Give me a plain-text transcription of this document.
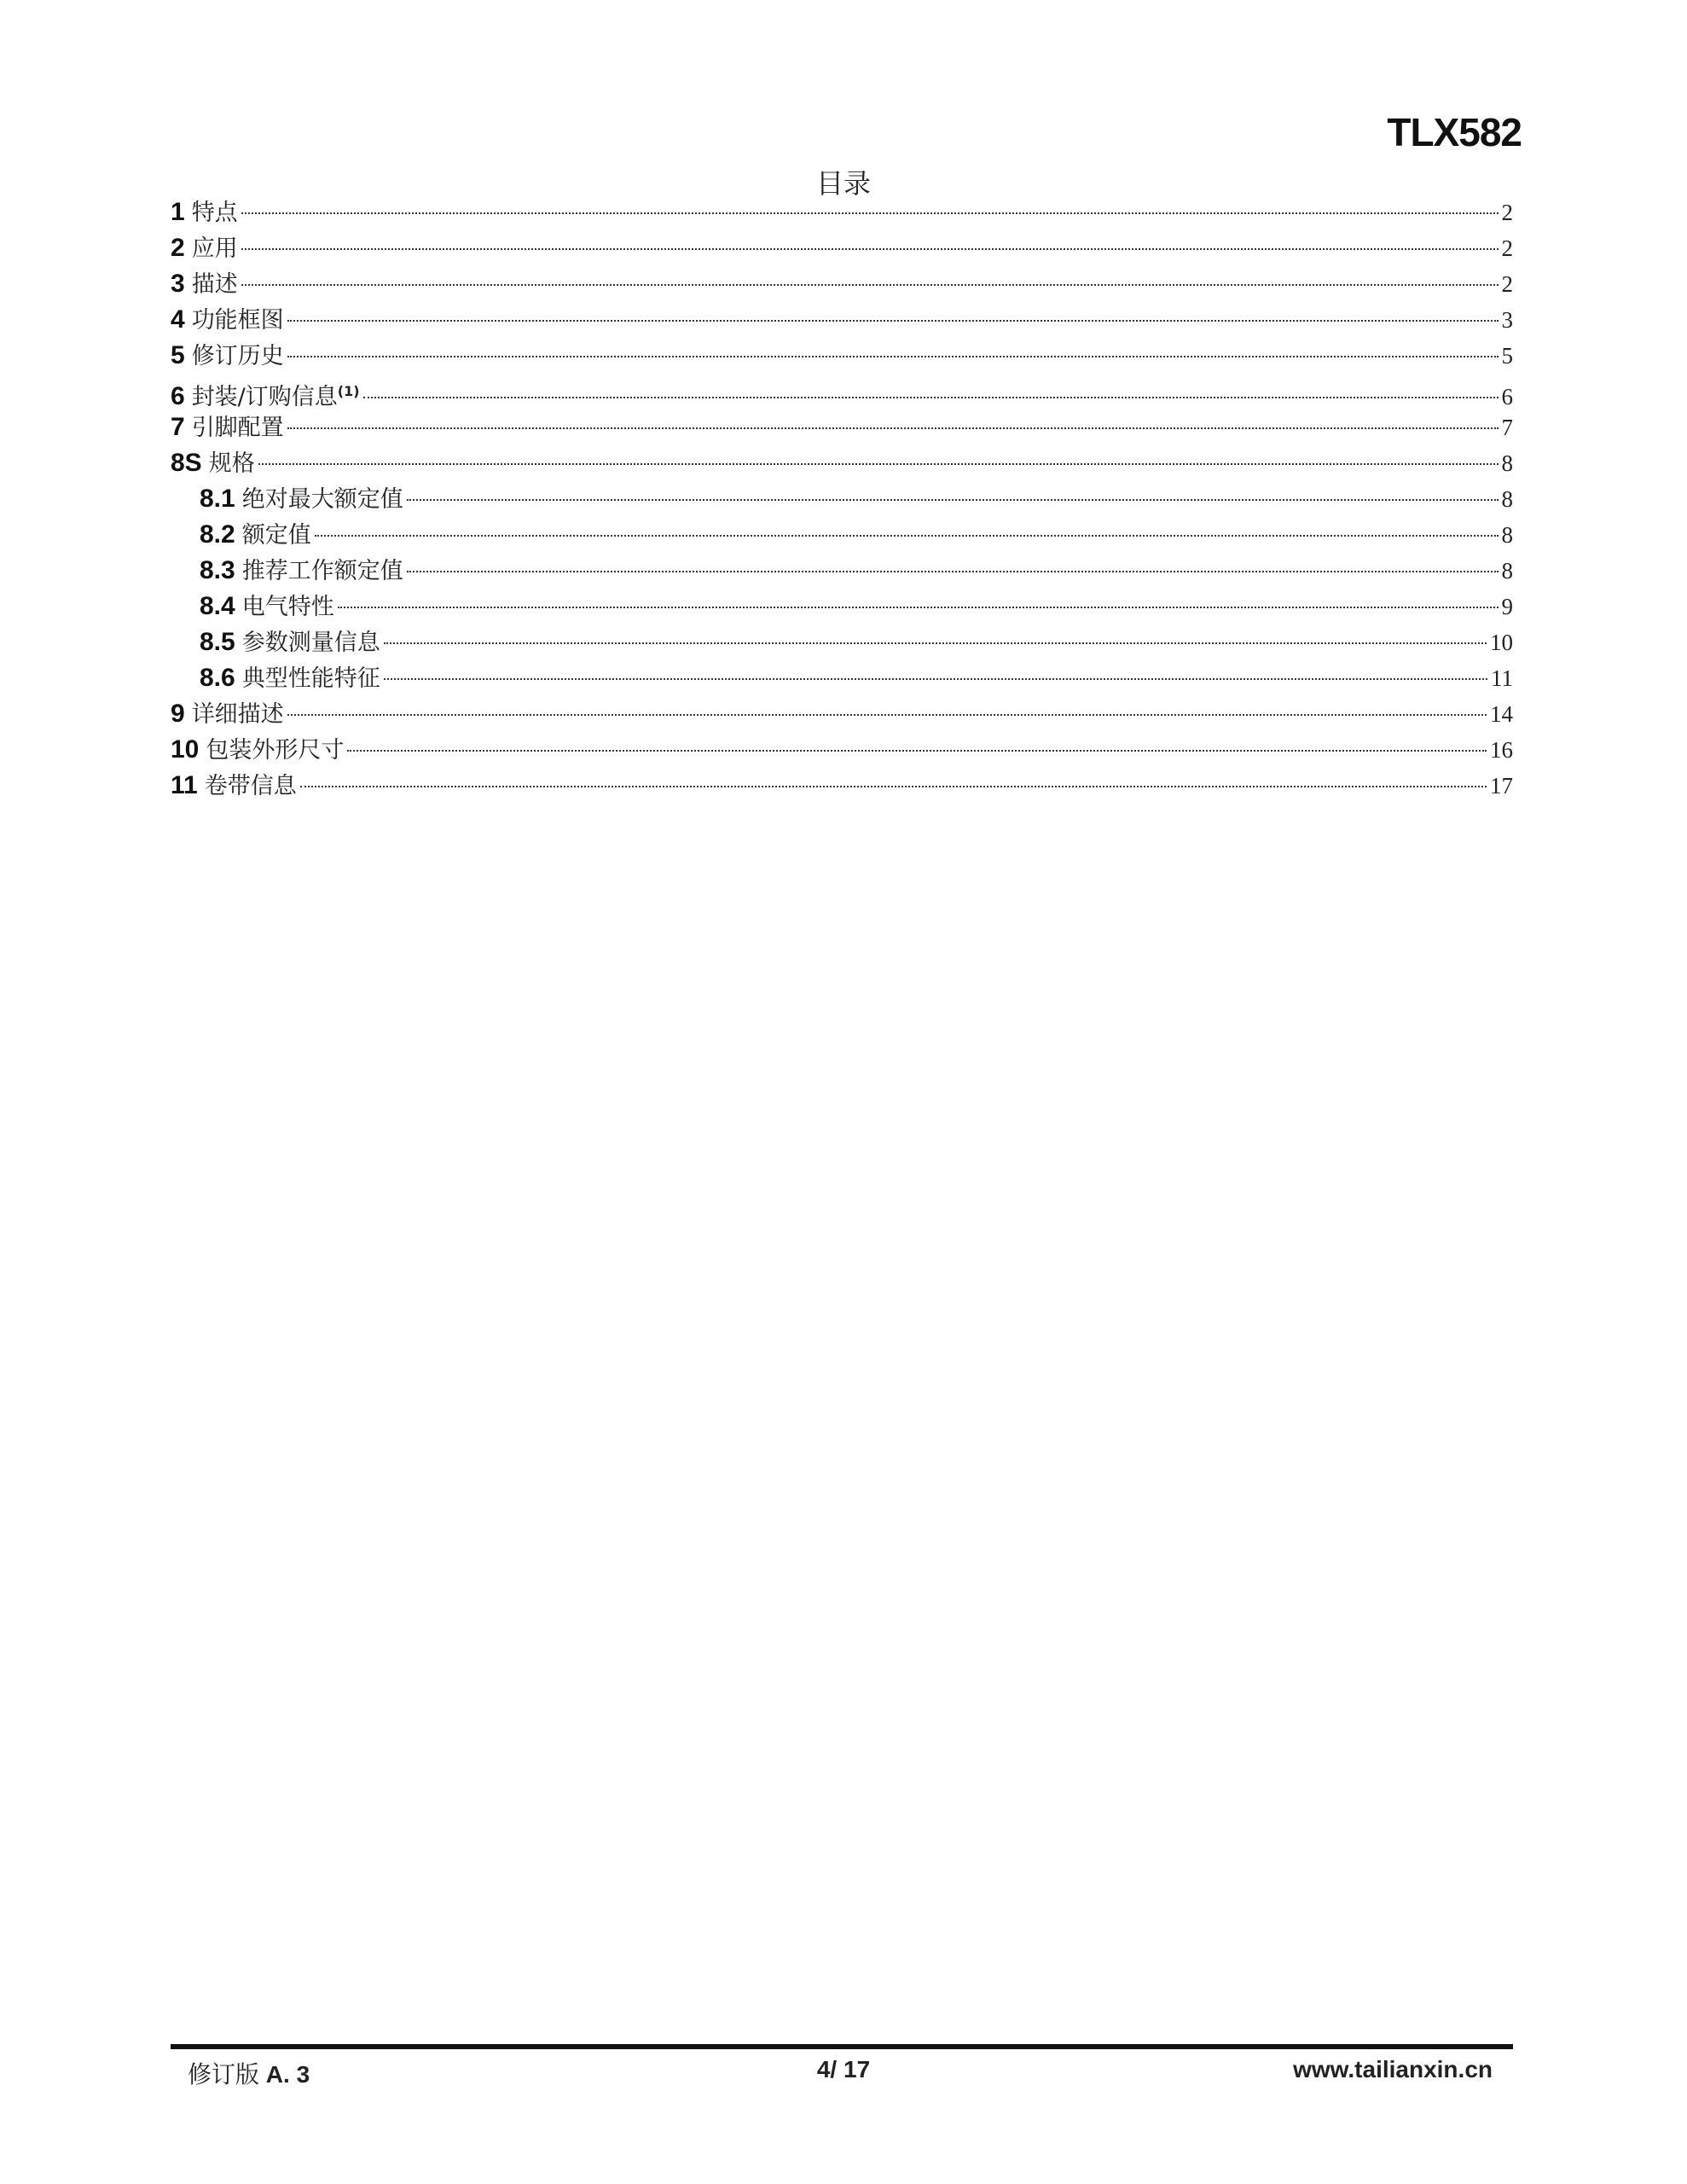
TLX582
目录
1 特点	2
2 应用	2
3 描述	2
4 功能框图	3
5 修订历史	5
6 封装/订购信息$^{(1)}$	6
7 引脚配置	7
8S 规格	8
8.1 绝对最大额定值	8
8.2 额定值	8
8.3 推荐工作额定值	8
8.4 电气特性	9
8.5 参数测量信息	10
8.6 典型性能特征	11
9 详细描述	14
10 包装外形尺寸	16
11 卷带信息	17
修订版 A. 3	4/ 17	www.tailianxin.cn
